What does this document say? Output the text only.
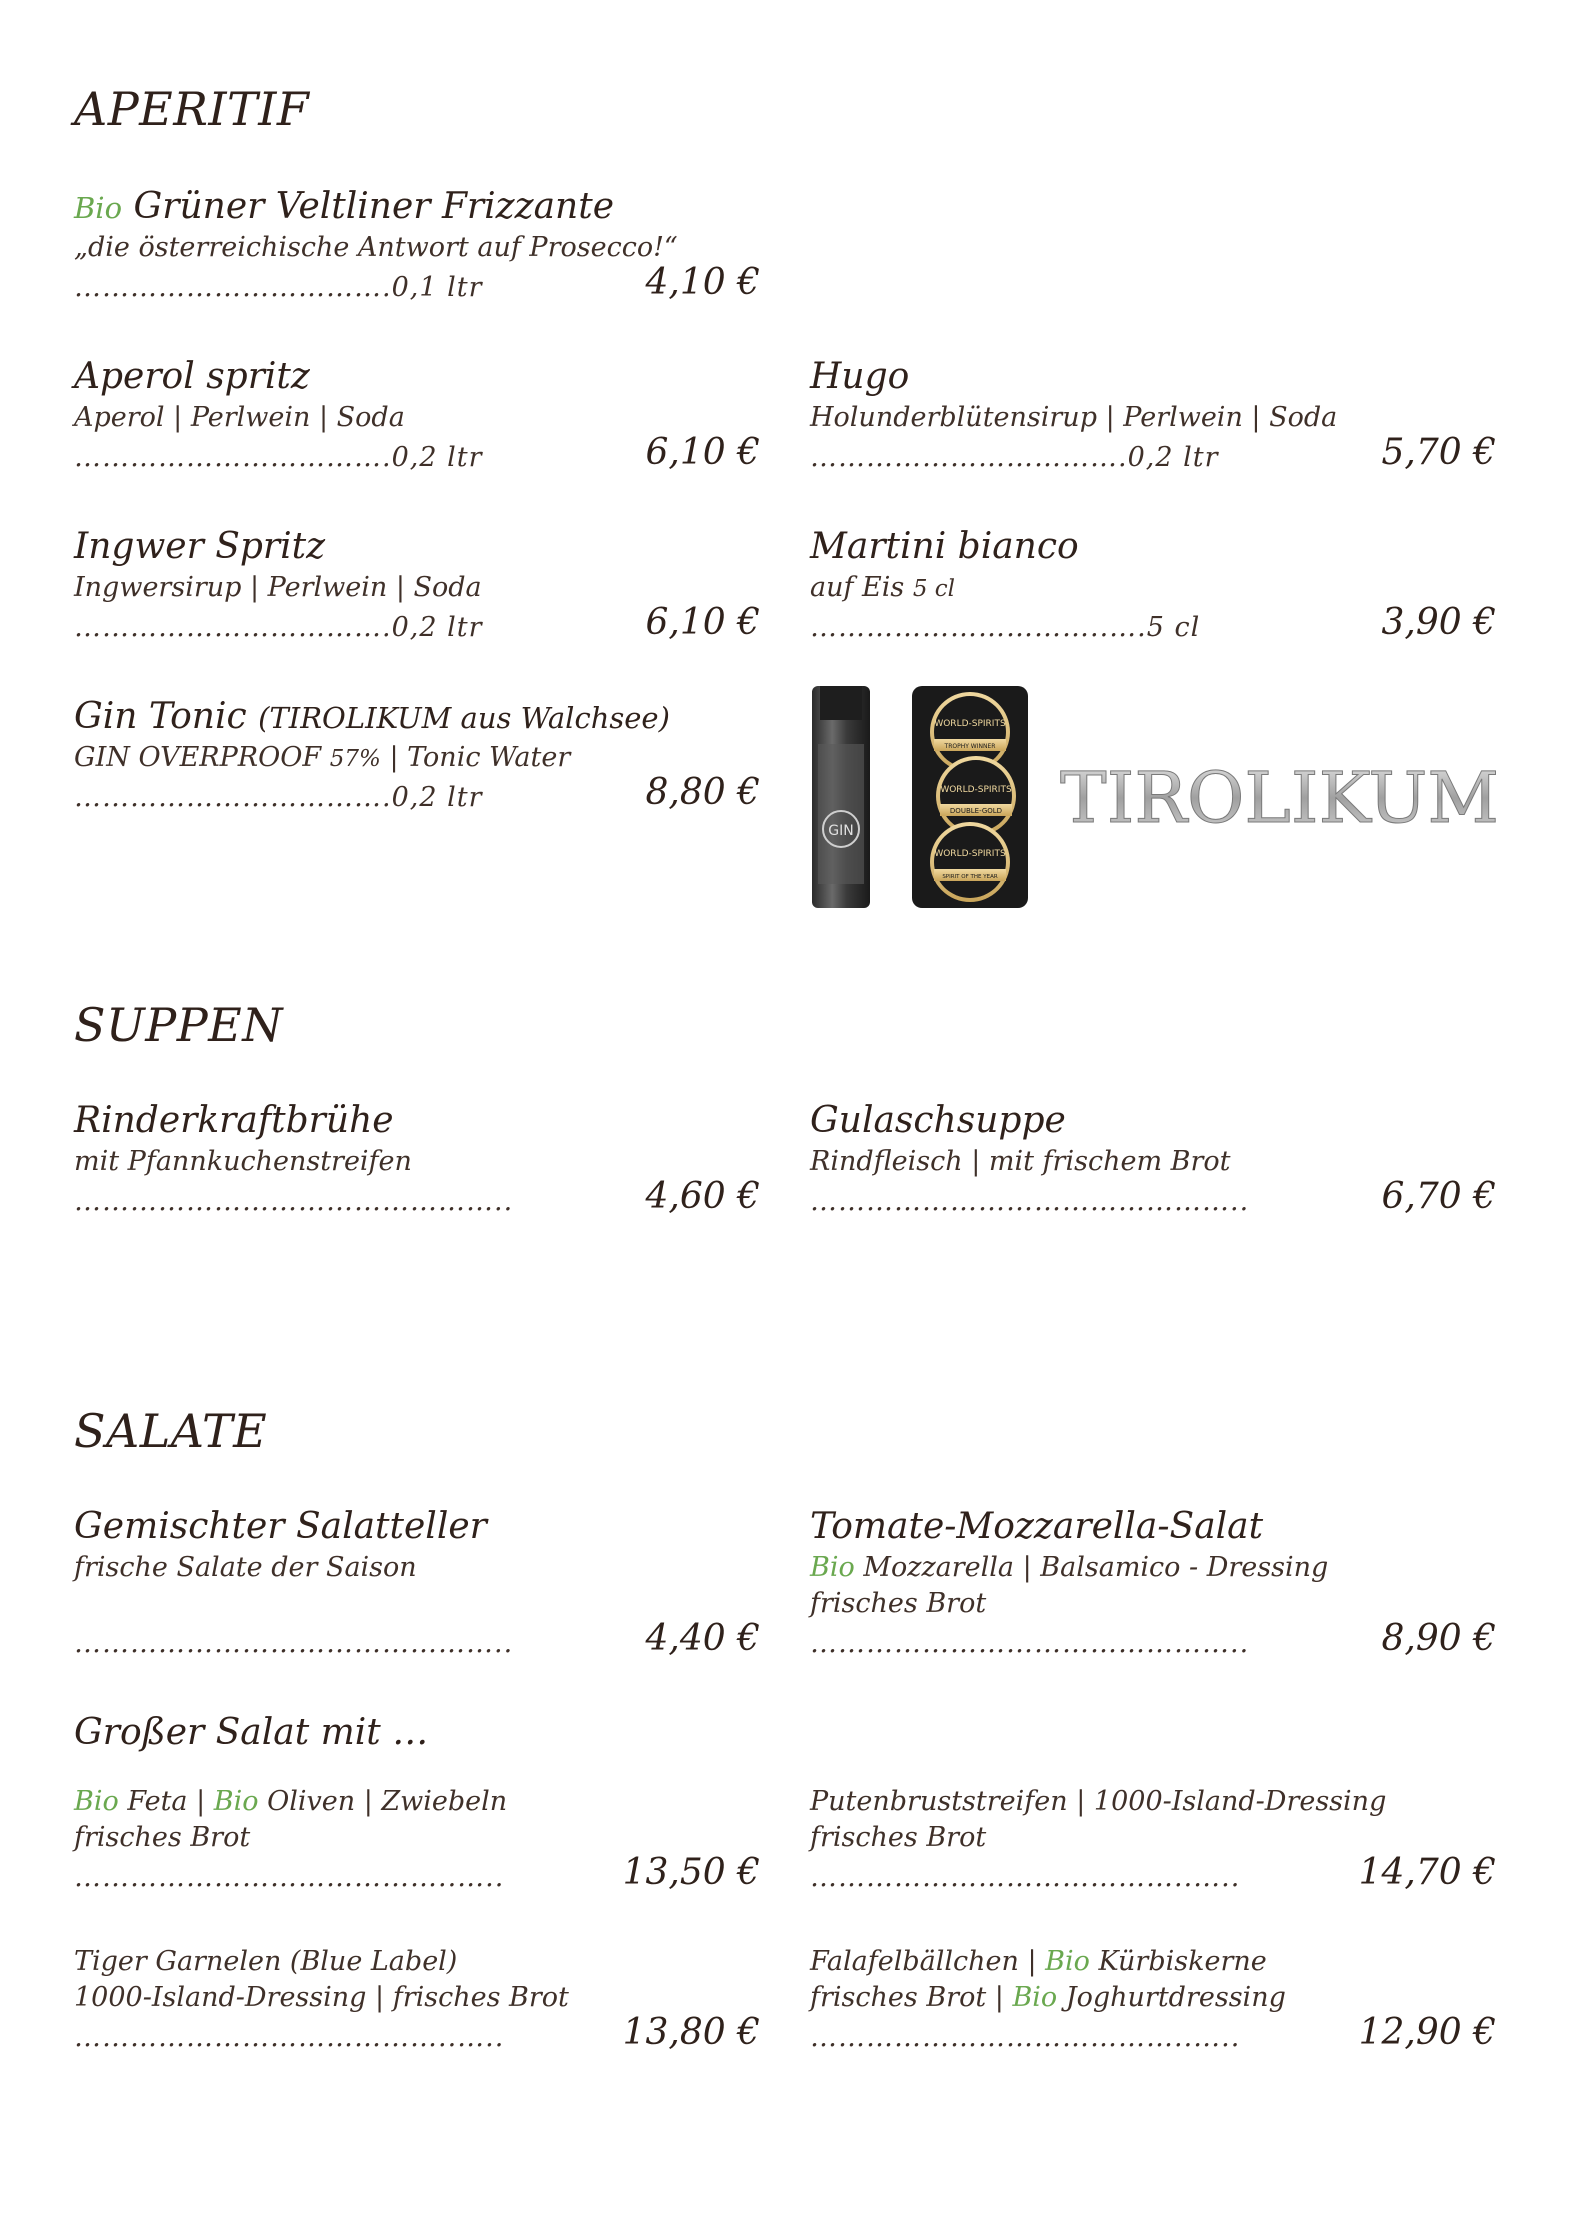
APERITIF
Bio Grüner Veltliner Frizzante
„die österreichische Antwort auf Prosecco!“
…………………………….0,1 ltr	4,10 €
Aperol spritz
Aperol | Perlwein | Soda
…………………………….0,2 ltr	6,10 €
Hugo
Holunderblütensirup | Perlwein | Soda
…………………………….0,2 ltr	5,70 €
Ingwer Spritz
Ingwersirup | Perlwein | Soda
…………………………….0,2 ltr	6,10 €
Martini bianco
auf Eis 5 cl
…………………………..….5 cl	3,90 €
Gin Tonic (TIROLIKUM aus Walchsee)
GIN OVERPROOF 57% | Tonic Water
…………………………….0,2 ltr	8,80 €
GIN
WORLD-SPIRITS
TROPHY WINNER
WORLD-SPIRITS
DOUBLE-GOLD
WORLD-SPIRITS
SPIRIT OF THE YEAR
TIROLIKUM
SUPPEN
Rinderkraftbrühe
mit Pfannkuchenstreifen
………………………………………..	4,60 €
Gulaschsuppe
Rindfleisch | mit frischem Brot
………………………………………..	6,70 €
SALATE
Gemischter Salatteller
frische Salate der Saison
………………………………………..	4,40 €
Tomate-Mozzarella-Salat
Bio Mozzarella | Balsamico - Dressing
frisches Brot
………………………………………..	8,90 €
Großer Salat mit …
Bio Feta | Bio Oliven | Zwiebeln
frisches Brot
…………………………………..…..	13,50 €
Putenbruststreifen | 1000-Island-Dressing
frisches Brot
…………………………………..…..	14,70 €
Tiger Garnelen (Blue Label)
1000-Island-Dressing | frisches Brot
…………………………………..…..	13,80 €
Falafelbällchen | Bio Kürbiskerne
frisches Brot | Bio Joghurtdressing
…………………………………..…..	12,90 €
